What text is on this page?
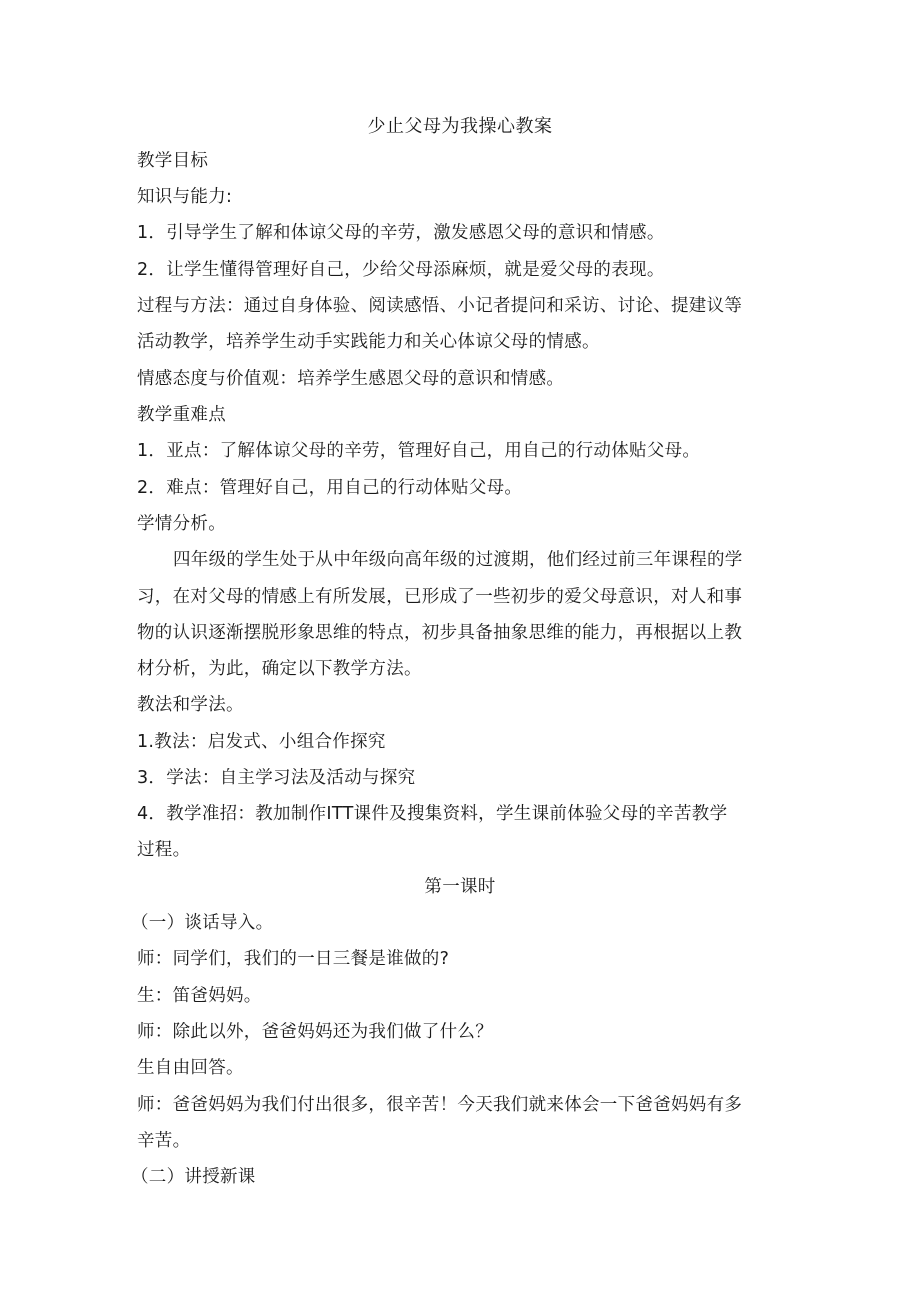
少止父母为我操心教案
教学目标
知识与能力:
1．引导学生了解和体谅父母的辛劳，激发感恩父母的意识和情感。
2．让学生懂得管理好自己，少给父母添麻烦，就是爱父母的表现。
过程与方法：通过自身体验、阅读感悟、小记者提问和采访、讨论、提建议等
活动教学，培养学生动手实践能力和关心体谅父母的情感。
情感态度与价值观：培养学生感恩父母的意识和情感。
教学重难点
1．亚点：了解体谅父母的辛劳，管理好自己，用自己的行动体贴父母。
2．难点：管理好自己，用自己的行动体贴父母。
学情分析。
四年级的学生处于从中年级向高年级的过渡期，他们经过前三年课程的学
习，在对父母的情感上有所发展，已形成了一些初步的爱父母意识，对人和事
物的认识逐渐摆脱形象思维的特点，初步具备抽象思维的能力，再根据以上教
材分析，为此，确定以下教学方法。
教法和学法。
1.教法：启发式、小组合作探究
3．学法：自主学习法及活动与探究
4．教学准招：教加制作ITT课件及搜集资料，学生课前体验父母的辛苦教学
过程。
第一课时
（一）谈话导入。
师：同学们，我们的一日三餐是谁做的?
生：笛爸妈妈。
师：除此以外，爸爸妈妈还为我们做了什么？
生自由回答。
师：爸爸妈妈为我们付出很多，很辛苦！今天我们就来体会一下爸爸妈妈有多
辛苦。
（二）讲授新课
